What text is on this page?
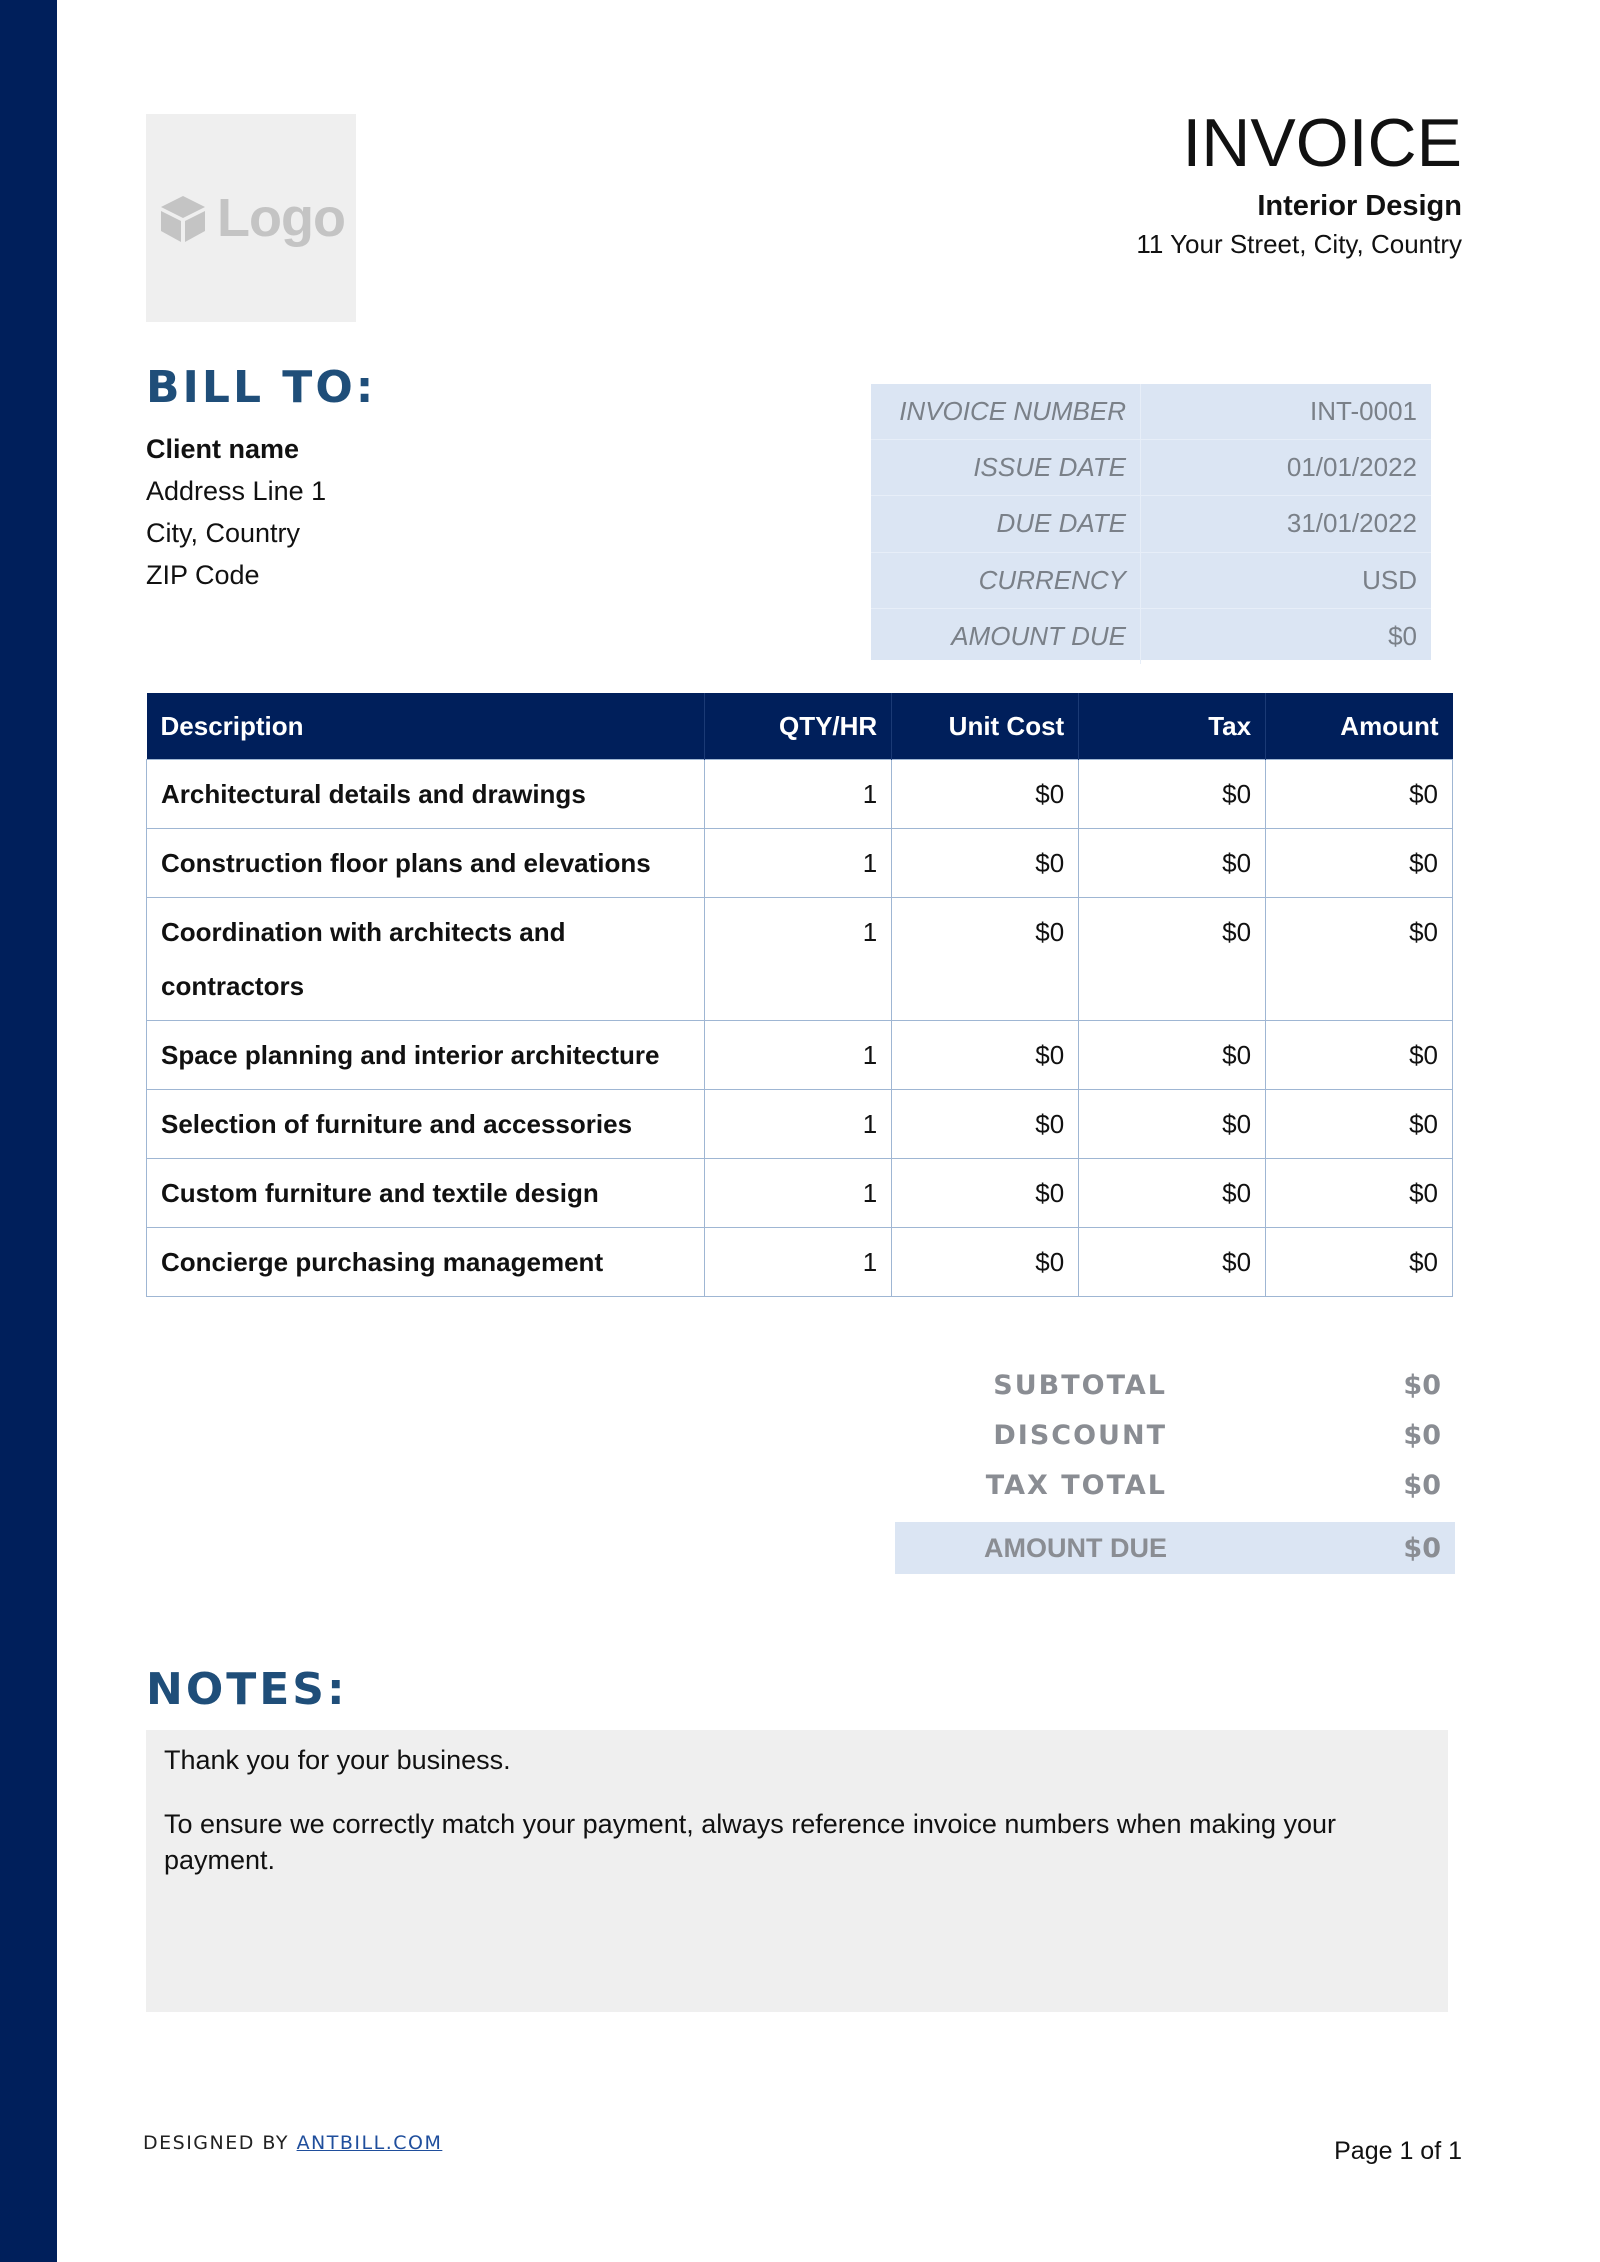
Logo
INVOICE
Interior Design
11 Your Street, City, Country
BILL TO:
Client name
Address Line 1
City, Country
ZIP Code
INVOICE NUMBER	INT-0001
ISSUE DATE	01/01/2022
DUE DATE	31/01/2022
CURRENCY	USD
AMOUNT DUE	$0
Description	QTY/HR	Unit Cost	Tax	Amount
Architectural details and drawings	1	$0	$0	$0
Construction floor plans and elevations	1	$0	$0	$0
Coordination with architects and contractors	1	$0	$0	$0
Space planning and interior architecture	1	$0	$0	$0
Selection of furniture and accessories	1	$0	$0	$0
Custom furniture and textile design	1	$0	$0	$0
Concierge purchasing management	1	$0	$0	$0
SUBTOTAL	$0
DISCOUNT	$0
TAX TOTAL	$0
AMOUNT DUE	$0
NOTES:

Thank you for your business.

To ensure we correctly match your payment, always reference invoice numbers when making your payment.

DESIGNED BY ANTBILL.COM	Page 1 of 1
